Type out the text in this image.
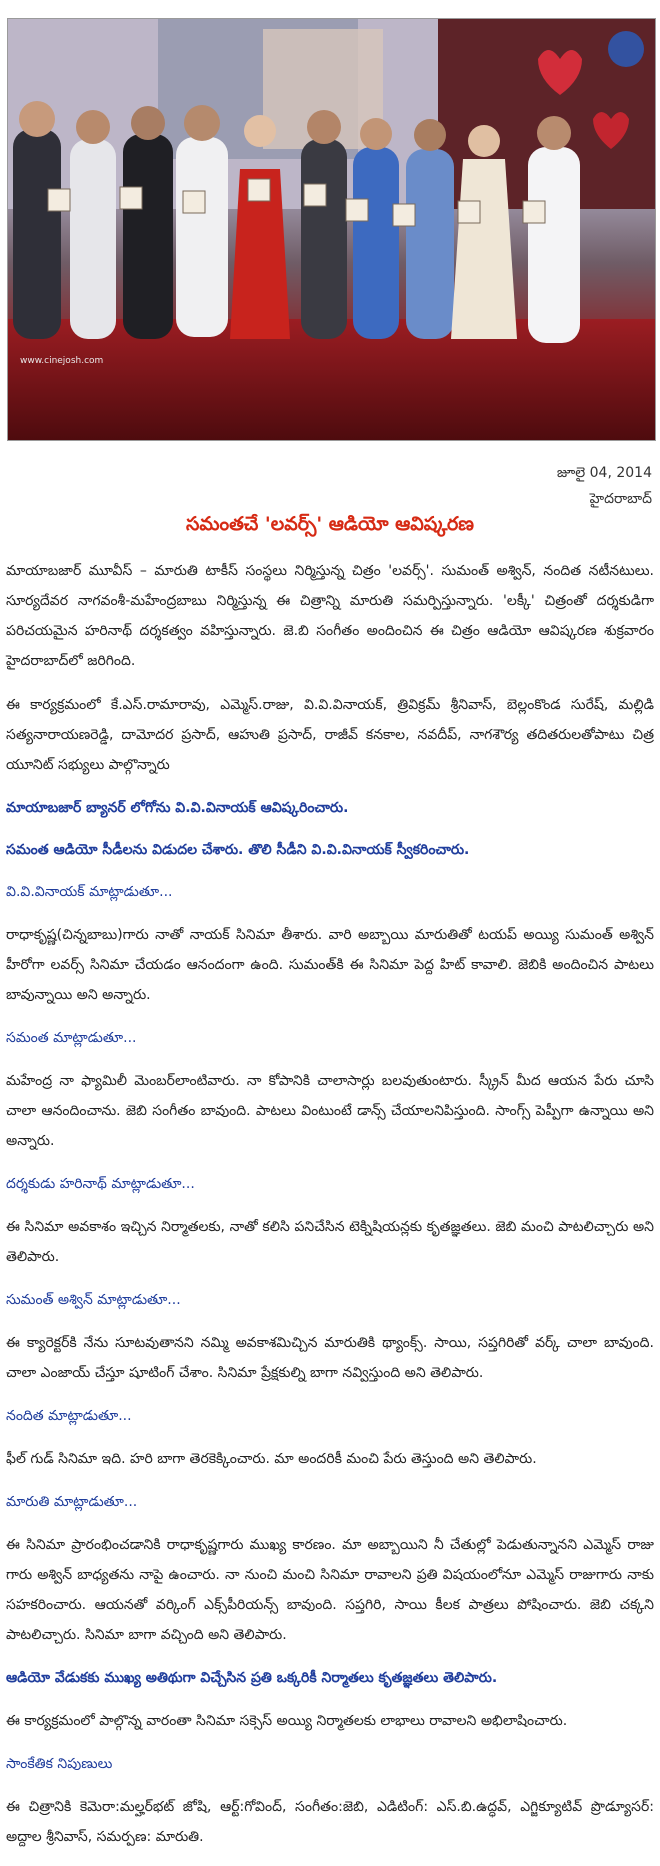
www.cinejosh.com
జూలై 04, 2014
హైదరాబాద్
సమంతచే 'లవర్స్' ఆడియో ఆవిష్కరణ

మాయాబజార్ మూవీస్ – మారుతి టాకీస్ సంస్థలు నిర్మిస్తున్న చిత్రం 'లవర్స్'. సుమంత్ అశ్విన్, నందిత నటీనటులు. సూర్యదేవర నాగవంశీ-మహేంద్రబాబు నిర్మిస్తున్న ఈ చిత్రాన్ని మారుతి సమర్పిస్తున్నారు. 'లక్కీ' చిత్రంతో దర్శకుడిగా పరిచయమైన హరినాథ్ దర్శకత్వం వహిస్తున్నారు. జె.బి సంగీతం అందించిన ఈ చిత్రం ఆడియో ఆవిష్కరణ శుక్రవారం హైదరాబాద్‌లో జరిగింది.

ఈ కార్యక్రమంలో కే.ఎస్.రామారావు, ఎమ్మెస్.రాజు, వి.వి.వినాయక్, త్రివిక్రమ్ శ్రీనివాస్, బెల్లంకొండ సురేష్, మల్లిడి సత్యనారాయణరెడ్డి, దామోదర ప్రసాద్, ఆహుతి ప్రసాద్, రాజీవ్ కనకాల, నవదీప్, నాగశౌర్య తదితరులతోపాటు చిత్ర యూనిట్ సభ్యులు పాల్గొన్నారు

మాయాబజార్ బ్యానర్ లోగోను వి.వి.వినాయక్ ఆవిష్కరించారు.

సమంత ఆడియో సీడీలను విడుదల చేశారు. తొలి సీడీని వి.వి.వినాయక్ స్వీకరించారు.

వి.వి.వినాయక్ మాట్లాడుతూ...

రాధాకృష్ణ(చిన్నబాబు)గారు నాతో నాయక్ సినిమా తీశారు. వారి అబ్బాయి మారుతితో టయప్ అయ్యి సుమంత్ అశ్విన్ హీరోగా లవర్స్ సినిమా చేయడం ఆనందంగా ఉంది. సుమంత్‌కి ఈ సినిమా పెద్ద హిట్ కావాలి. జెబికి అందించిన పాటలు బావున్నాయి అని అన్నారు.

సమంత మాట్లాడుతూ...

మహేంద్ర నా ఫ్యామిలీ మెంబర్‌లాంటివారు. నా కోపానికి చాలాసార్లు బలవుతుంటారు. స్క్రీన్ మీద ఆయన పేరు చూసి చాలా ఆనందించాను. జెబి సంగీతం బావుంది. పాటలు వింటుంటే డాన్స్ చేయాలనిపిస్తుంది. సాంగ్స్ పెప్పీగా ఉన్నాయి అని అన్నారు.

దర్శకుడు హరినాథ్ మాట్లాడుతూ...

ఈ సినిమా అవకాశం ఇచ్చిన నిర్మాతలకు, నాతో కలిసి పనిచేసిన టెక్నిషియన్లకు కృతజ్ఞతలు. జెబి మంచి పాటలిచ్చారు అని తెలిపారు.

సుమంత్ అశ్విన్ మాట్లాడుతూ...

ఈ క్యారెక్టర్‌కి నేను సూటవుతానని నమ్మి అవకాశమిచ్చిన మారుతికి థ్యాంక్స్. సాయి, సప్తగిరితో వర్క్ చాలా బావుంది. చాలా ఎంజాయ్ చేస్తూ షూటింగ్ చేశాం. సినిమా ప్రేక్షకుల్ని బాగా నవ్విస్తుంది అని తెలిపారు.

నందిత మాట్లాడుతూ...

ఫీల్ గుడ్ సినిమా ఇది. హరి బాగా తెరకెక్కించారు. మా అందరికీ మంచి పేరు తెస్తుంది అని తెలిపారు.

మారుతి మాట్లాడుతూ...

ఈ సినిమా ప్రారంభించడానికి రాధాకృష్ణగారు ముఖ్య కారణం. మా అబ్బాయిని నీ చేతుల్లో పెడుతున్నానని ఎమ్మెస్ రాజు గారు అశ్విన్ బాధ్యతను నాపై ఉంచారు. నా నుంచి మంచి సినిమా రావాలని ప్రతి విషయంలోనూ ఎమ్మెస్ రాజుగారు నాకు సహకరించారు. ఆయనతో వర్కింగ్ ఎక్స్‌పీరియన్స్ బావుంది. సప్తగిరి, సాయి కీలక పాత్రలు పోషించారు. జెబి చక్కని పాటలిచ్చారు. సినిమా బాగా వచ్చింది అని తెలిపారు.

ఆడియో వేడుకకు ముఖ్య అతిథుగా విచ్చేసిన ప్రతి ఒక్కరికీ నిర్మాతలు కృతజ్ఞతలు తెలిపారు.

ఈ కార్యక్రమంలో పాల్గొన్న వారంతా సినిమా సక్సెస్ అయ్యి నిర్మాతలకు లాభాలు రావాలని అభిలాషించారు.

సాంకేతిక నిపుణులు

ఈ చిత్రానికి కెమెరా:మల్హర్‌భట్ జోషి, ఆర్ట్:గోవింద్, సంగీతం:జెబి, ఎడిటింగ్: ఎస్.బి.ఉద్ధవ్, ఎగ్జిక్యూటివ్ ప్రొడ్యూసర్: అద్దాల శ్రీనివాస్, సమర్పణ: మారుతి.
